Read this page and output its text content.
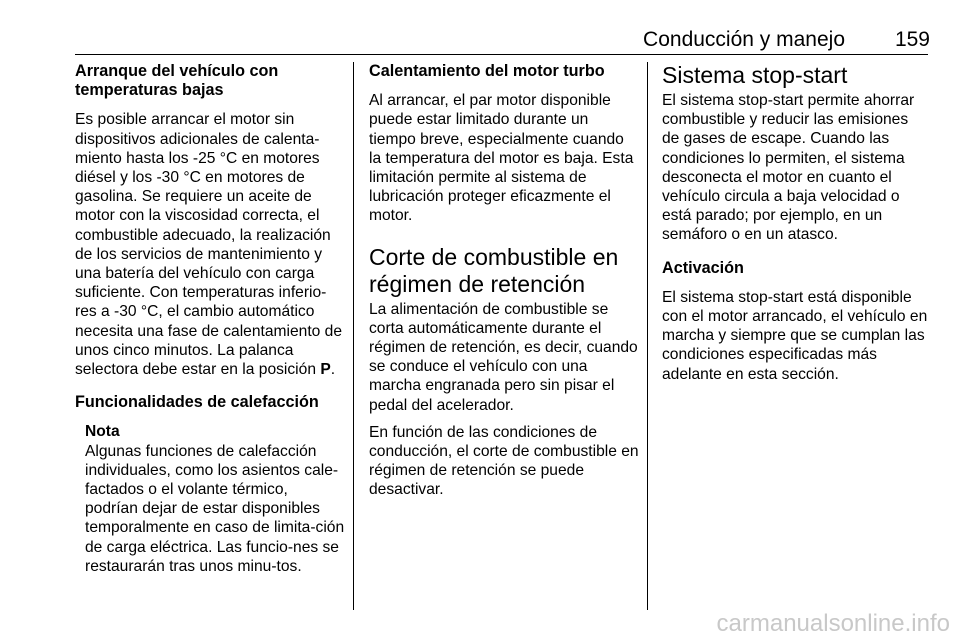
Conducción y manejo	159
Arranque del vehículo con temperaturas bajas
Es posible arrancar el motor sin dispositivos adicionales de calenta-miento hasta los -25 °C en motores diésel y los -30 °C en motores de gasolina. Se requiere un aceite de motor con la viscosidad correcta, el combustible adecuado, la realización de los servicios de mantenimiento y una batería del vehículo con carga suficiente. Con temperaturas inferio-res a -30 °C, el cambio automático necesita una fase de calentamiento de unos cinco minutos. La palanca selectora debe estar en la posición P.
Funcionalidades de calefacción
Nota
Algunas funciones de calefacción individuales, como los asientos cale-factados o el volante térmico, podrían dejar de estar disponibles temporalmente en caso de limita-ción de carga eléctrica. Las funcio-nes se restaurarán tras unos minu-tos.
Calentamiento del motor turbo
Al arrancar, el par motor disponible puede estar limitado durante un tiempo breve, especialmente cuando la temperatura del motor es baja. Esta limitación permite al sistema de lubricación proteger eficazmente el motor.
Corte de combustible en régimen de retención
La alimentación de combustible se corta automáticamente durante el régimen de retención, es decir, cuando se conduce el vehículo con una marcha engranada pero sin pisar el pedal del acelerador.
En función de las condiciones de conducción, el corte de combustible en régimen de retención se puede desactivar.
Sistema stop-start
El sistema stop-start permite ahorrar combustible y reducir las emisiones de gases de escape. Cuando las condiciones lo permiten, el sistema desconecta el motor en cuanto el vehículo circula a baja velocidad o está parado; por ejemplo, en un semáforo o en un atasco.
Activación
El sistema stop-start está disponible con el motor arrancado, el vehículo en marcha y siempre que se cumplan las condiciones especificadas más adelante en esta sección.
carmanualsonline.info
